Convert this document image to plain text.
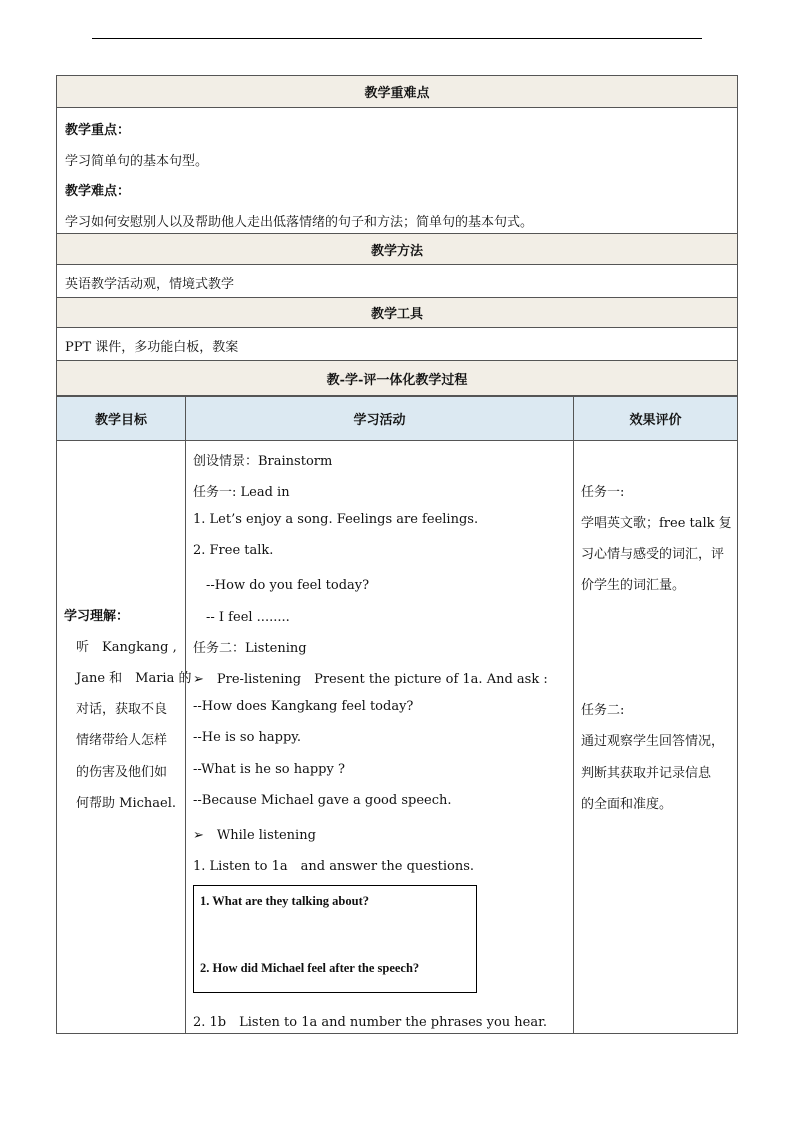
教学重难点
教学重点：
学习简单句的基本句型。
教学难点：
学习如何安慰别人以及帮助他人走出低落情绪的句子和方法；简单句的基本句式。
教学方法
英语教学活动观，情境式教学
教学工具
PPT 课件，多功能白板，教案
教-学-评一体化教学过程
教学目标	学习活动	效果评价
学习理解：
听　Kangkang ,
Jane 和　Maria 的
对话，获取不良
情绪带给人怎样
的伤害及他们如
何帮助 Michael.
创设情景：Brainstorm
任务一: Lead in
1. Let’s enjoy a song. Feelings are feelings.
2. Free talk.
　--How do you feel today?
　-- I feel ........
任务二：Listening
➢　Pre-listening　Present the picture of 1a. And ask :
--How does Kangkang feel today?
--He is so happy.
--What is he so happy ?
--Because Michael gave a good speech.
➢　While listening
1. Listen to 1a　and answer the questions.
1. What are they talking about?
2. How did Michael feel after the speech?
2. 1b　Listen to 1a and number the phrases you hear.
任务一:
学唱英文歌；free talk 复
习心情与感受的词汇，评
价学生的词汇量。
任务二:
通过观察学生回答情况，
判断其获取并记录信息
的全面和准度。
